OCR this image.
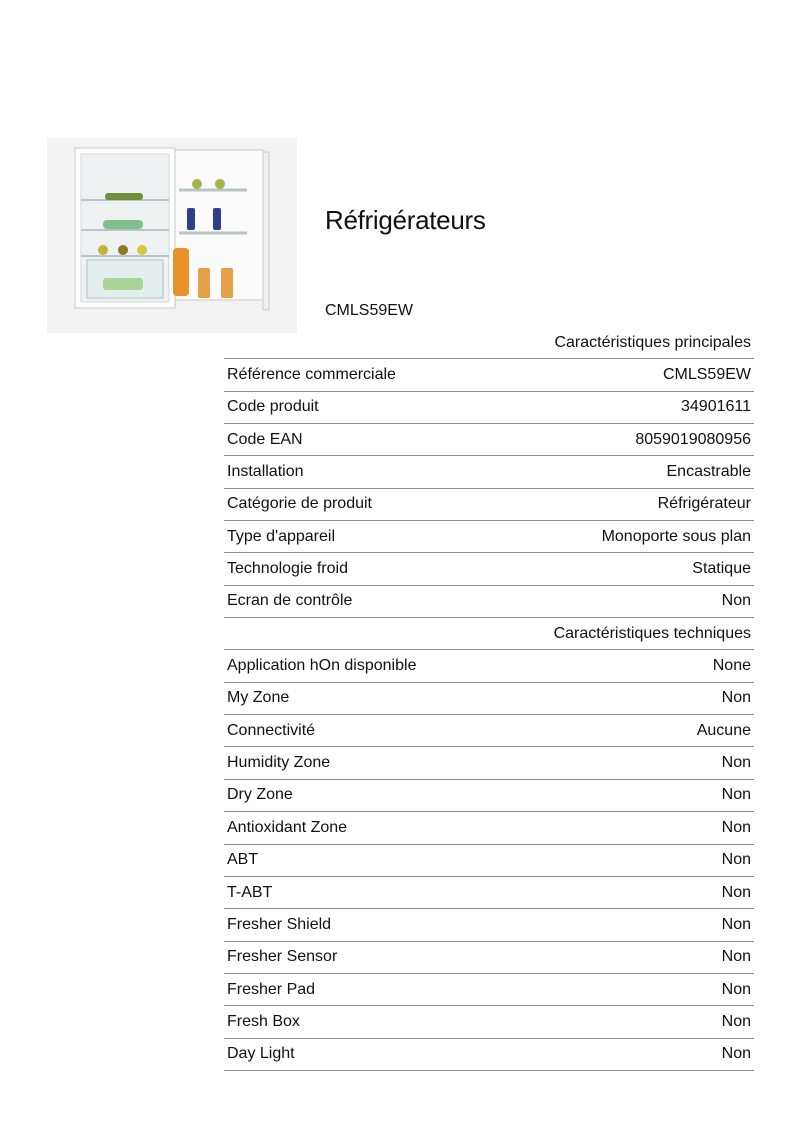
Réfrigérateurs
CMLS59EW
Caractéristiques principales	
Référence commerciale	CMLS59EW
Code produit	34901611
Code EAN	8059019080956
Installation	Encastrable
Catégorie de produit	Réfrigérateur
Type d'appareil	Monoporte sous plan
Technologie froid	Statique
Ecran de contrôle	Non
Caractéristiques techniques	
Application hOn disponible	None
My Zone	Non
Connectivité	Aucune
Humidity Zone	Non
Dry Zone	Non
Antioxidant Zone	Non
ABT	Non
T-ABT	Non
Fresher Shield	Non
Fresher Sensor	Non
Fresher Pad	Non
Fresh Box	Non
Day Light	Non
